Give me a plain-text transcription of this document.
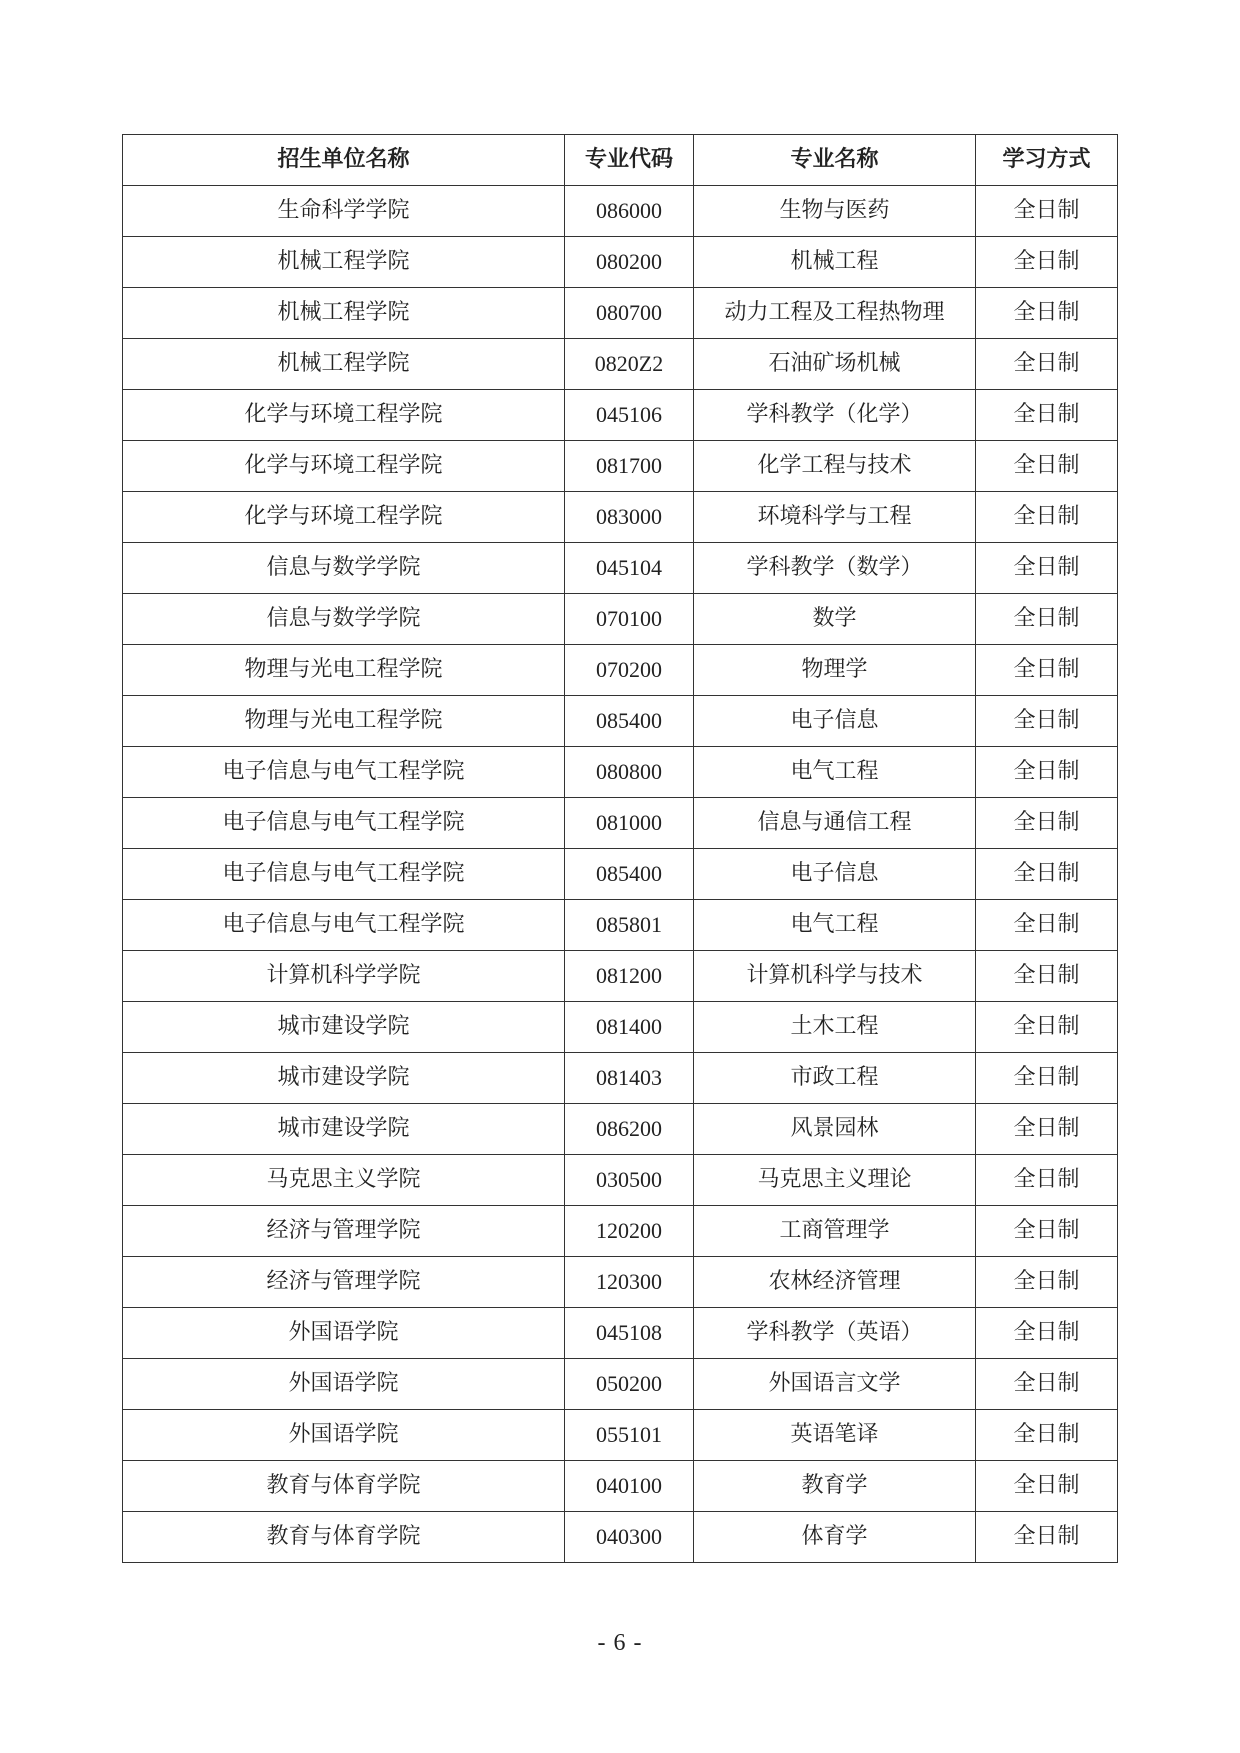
招生单位名称	专业代码	专业名称	学习方式
生命科学学院	086000	生物与医药	全日制
机械工程学院	080200	机械工程	全日制
机械工程学院	080700	动力工程及工程热物理	全日制
机械工程学院	0820Z2	石油矿场机械	全日制
化学与环境工程学院	045106	学科教学（化学）	全日制
化学与环境工程学院	081700	化学工程与技术	全日制
化学与环境工程学院	083000	环境科学与工程	全日制
信息与数学学院	045104	学科教学（数学）	全日制
信息与数学学院	070100	数学	全日制
物理与光电工程学院	070200	物理学	全日制
物理与光电工程学院	085400	电子信息	全日制
电子信息与电气工程学院	080800	电气工程	全日制
电子信息与电气工程学院	081000	信息与通信工程	全日制
电子信息与电气工程学院	085400	电子信息	全日制
电子信息与电气工程学院	085801	电气工程	全日制
计算机科学学院	081200	计算机科学与技术	全日制
城市建设学院	081400	土木工程	全日制
城市建设学院	081403	市政工程	全日制
城市建设学院	086200	风景园林	全日制
马克思主义学院	030500	马克思主义理论	全日制
经济与管理学院	120200	工商管理学	全日制
经济与管理学院	120300	农林经济管理	全日制
外国语学院	045108	学科教学（英语）	全日制
外国语学院	050200	外国语言文学	全日制
外国语学院	055101	英语笔译	全日制
教育与体育学院	040100	教育学	全日制
教育与体育学院	040300	体育学	全日制
- 6 -
